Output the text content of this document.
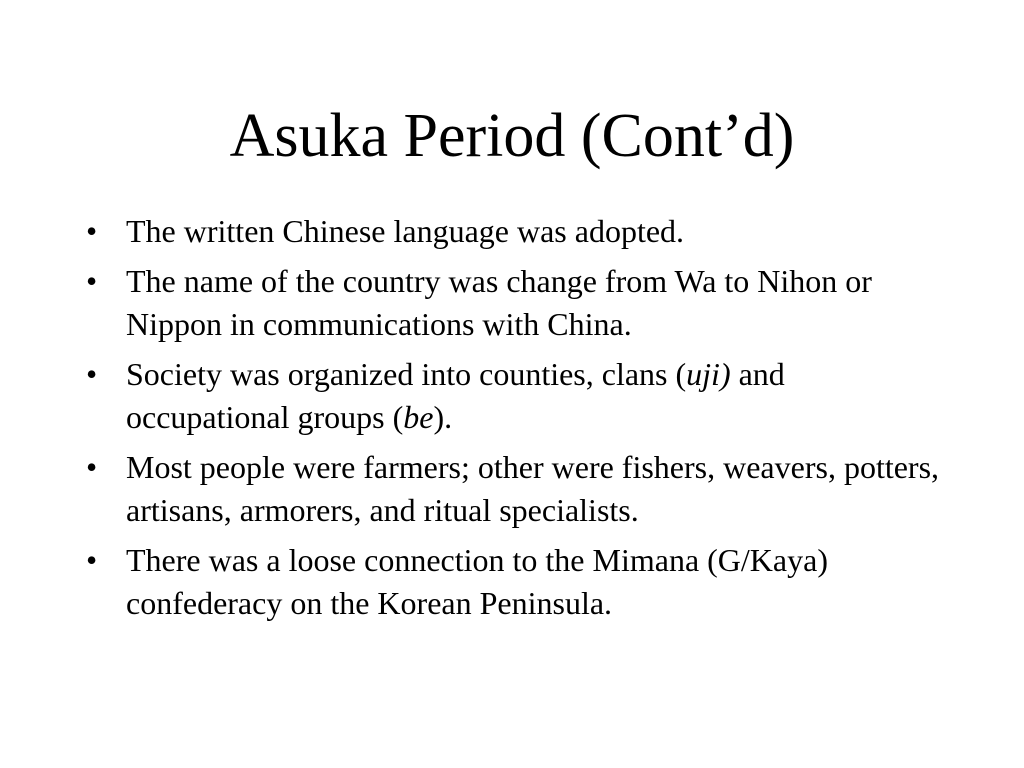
Asuka Period (Cont’d)
• The written Chinese language was adopted.
• The name of the country was change from Wa to Nihon or Nippon in communications with China.
• Society was organized into counties, clans (uji) and occupational groups (be).
• Most people were farmers; other were fishers, weavers, potters, artisans, armorers, and ritual specialists.
• There was a loose connection to the Mimana (G/Kaya) confederacy on the Korean Peninsula.
